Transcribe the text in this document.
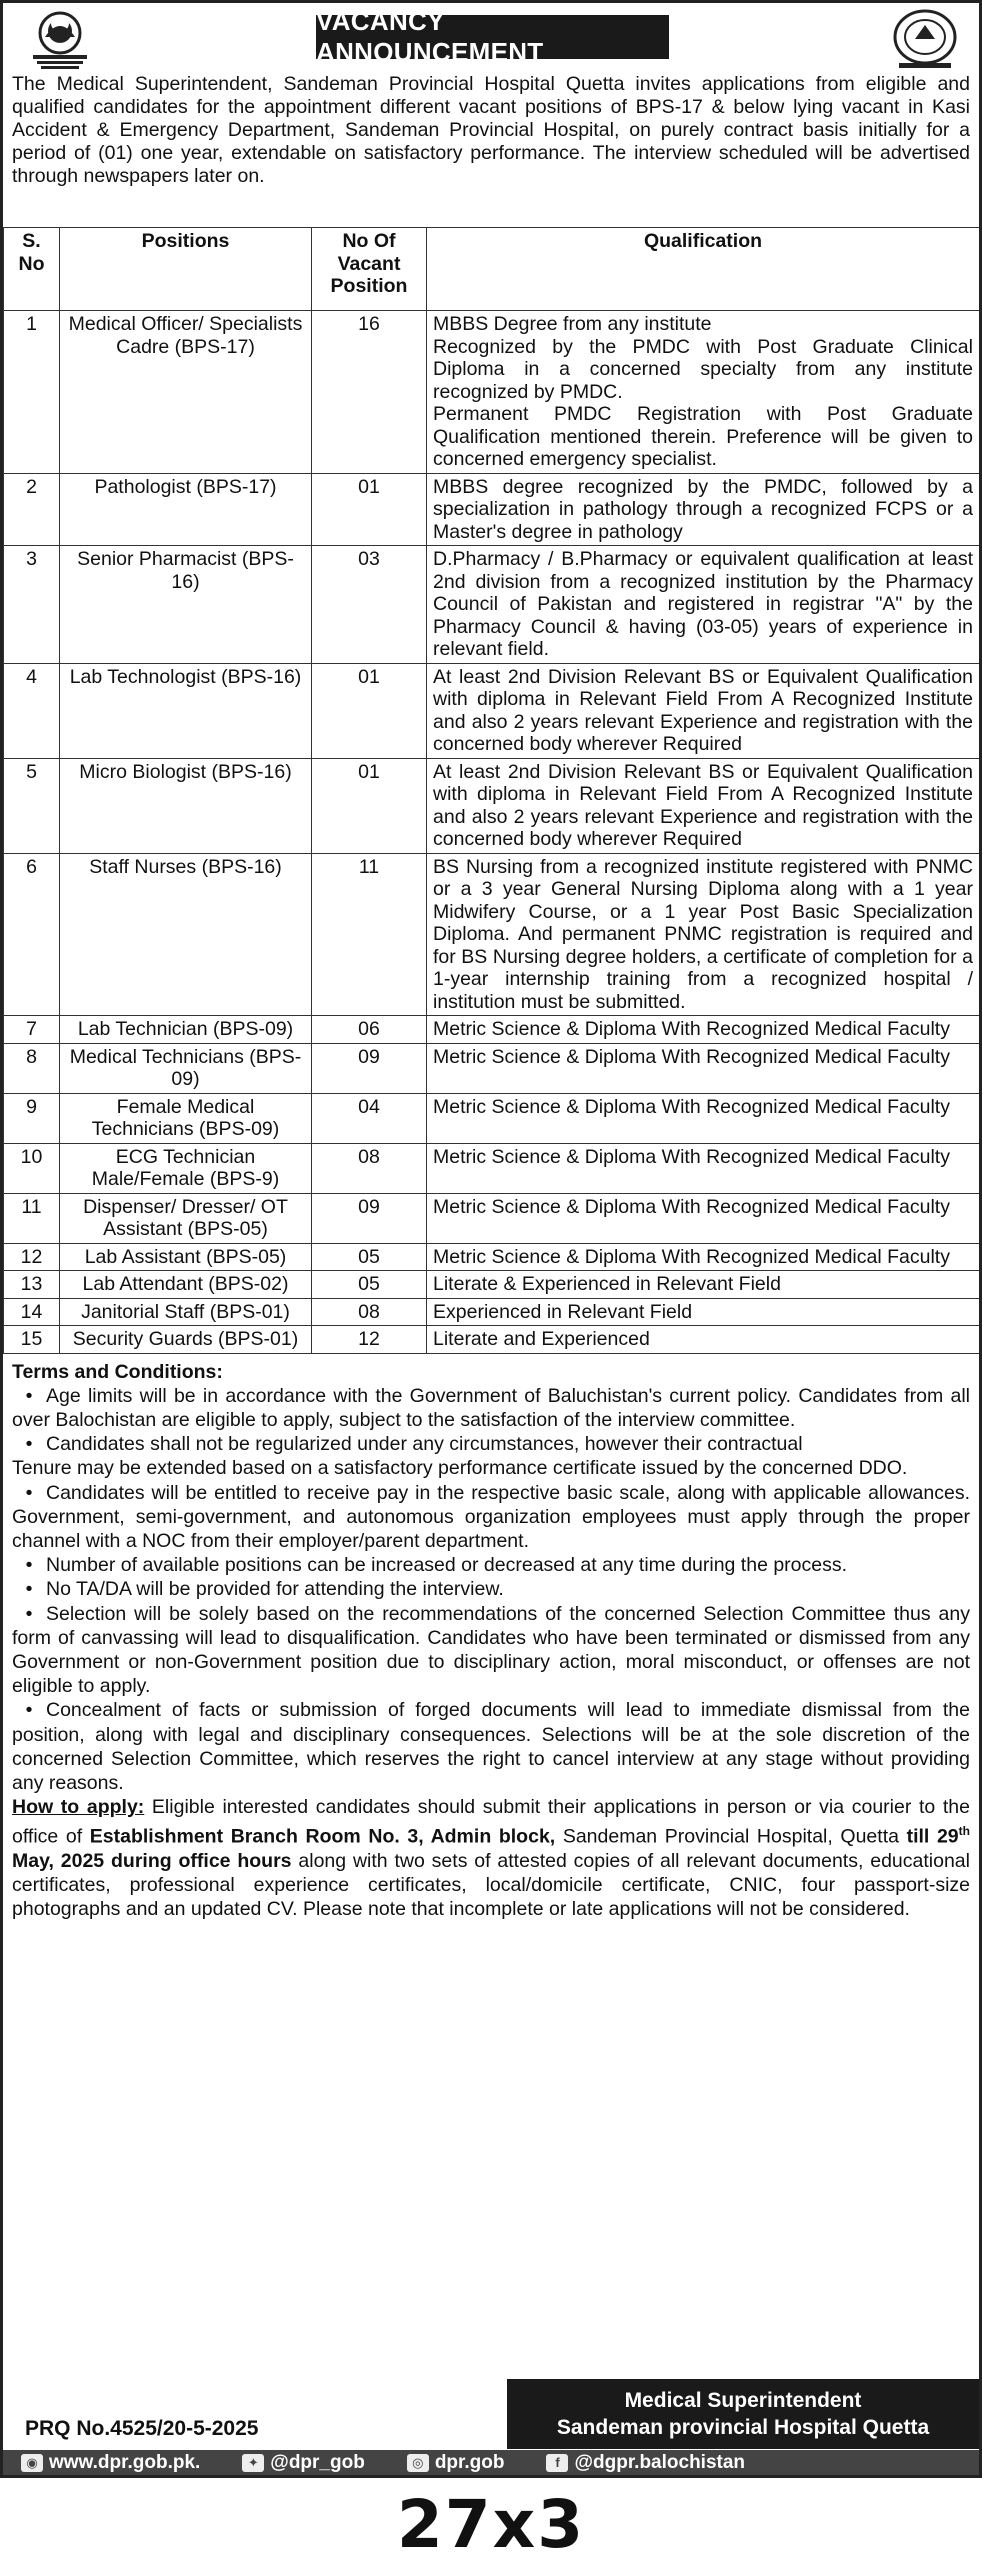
VACANCY ANNOUNCEMENT
The Medical Superintendent, Sandeman Provincial Hospital Quetta invites applications from eligible and qualified candidates for the appointment different vacant positions of BPS-17 & below lying vacant in Kasi Accident & Emergency Department, Sandeman Provincial Hospital, on purely contract basis initially for a period of (01) one year, extendable on satisfactory performance. The interview scheduled will be advertised through newspapers later on.
S. No	Positions	No Of Vacant Position	Qualification
1	Medical Officer/ Specialists Cadre (BPS-17)	16	MBBS Degree from any institute
Recognized by the PMDC with Post Graduate Clinical Diploma in a concerned specialty from any institute recognized by PMDC.
Permanent PMDC Registration with Post Graduate Qualification mentioned therein. Preference will be given to concerned emergency specialist.
2	Pathologist (BPS-17)	01	MBBS degree recognized by the PMDC, followed by a specialization in pathology through a recognized FCPS or a Master's degree in pathology
3	Senior Pharmacist (BPS-16)	03	D.Pharmacy / B.Pharmacy or equivalent qualification at least 2nd division from a recognized institution by the Pharmacy Council of Pakistan and registered in registrar "A" by the Pharmacy Council & having (03-05) years of experience in relevant field.
4	Lab Technologist (BPS-16)	01	At least 2nd Division Relevant BS or Equivalent Qualification with diploma in Relevant Field From A Recognized Institute and also 2 years relevant Experience and registration with the concerned body wherever Required
5	Micro Biologist (BPS-16)	01	At least 2nd Division Relevant BS or Equivalent Qualification with diploma in Relevant Field From A Recognized Institute and also 2 years relevant Experience and registration with the concerned body wherever Required
6	Staff Nurses (BPS-16)	11	BS Nursing from a recognized institute registered with PNMC or a 3 year General Nursing Diploma along with a 1 year Midwifery Course, or a 1 year Post Basic Specialization Diploma. And permanent PNMC registration is required and for BS Nursing degree holders, a certificate of completion for a 1-year internship training from a recognized hospital / institution must be submitted.
7	Lab Technician (BPS-09)	06	Metric Science & Diploma With Recognized Medical Faculty
8	Medical Technicians (BPS-09)	09	Metric Science & Diploma With Recognized Medical Faculty
9	Female Medical Technicians (BPS-09)	04	Metric Science & Diploma With Recognized Medical Faculty
10	ECG Technician Male/Female (BPS-9)	08	Metric Science & Diploma With Recognized Medical Faculty
11	Dispenser/ Dresser/ OT Assistant (BPS-05)	09	Metric Science & Diploma With Recognized Medical Faculty
12	Lab Assistant (BPS-05)	05	Metric Science & Diploma With Recognized Medical Faculty
13	Lab Attendant (BPS-02)	05	Literate & Experienced in Relevant Field
14	Janitorial Staff (BPS-01)	08	Experienced in Relevant Field
15	Security Guards (BPS-01)	12	Literate and Experienced
Terms and Conditions:
• Age limits will be in accordance with the Government of Baluchistan's current policy. Candidates from all over Balochistan are eligible to apply, subject to the satisfaction of the interview committee.
• Candidates shall not be regularized under any circumstances, however their contractual
Tenure may be extended based on a satisfactory performance certificate issued by the concerned DDO.
• Candidates will be entitled to receive pay in the respective basic scale, along with applicable allowances. Government, semi-government, and autonomous organization employees must apply through the proper channel with a NOC from their employer/parent department.
• Number of available positions can be increased or decreased at any time during the process.
• No TA/DA will be provided for attending the interview.
• Selection will be solely based on the recommendations of the concerned Selection Committee thus any form of canvassing will lead to disqualification. Candidates who have been terminated or dismissed from any Government or non-Government position due to disciplinary action, moral misconduct, or offenses are not eligible to apply.
• Concealment of facts or submission of forged documents will lead to immediate dismissal from the position, along with legal and disciplinary consequences. Selections will be at the sole discretion of the concerned Selection Committee, which reserves the right to cancel interview at any stage without providing any reasons.
How to apply: Eligible interested candidates should submit their applications in person or via courier to the office of Establishment Branch Room No. 3, Admin block, Sandeman Provincial Hospital, Quetta till 29th May, 2025 during office hours along with two sets of attested copies of all relevant documents, educational certificates, professional experience certificates, local/domicile certificate, CNIC, four passport-size photographs and an updated CV. Please note that incomplete or late applications will not be considered.
Medical Superintendent
Sandeman provincial Hospital Quetta
PRQ No.4525/20-5-2025
◉ www.dpr.gob.pk.	✦ @dpr_gob	◎ dpr.gob	f @dgpr.balochistan
27x3
